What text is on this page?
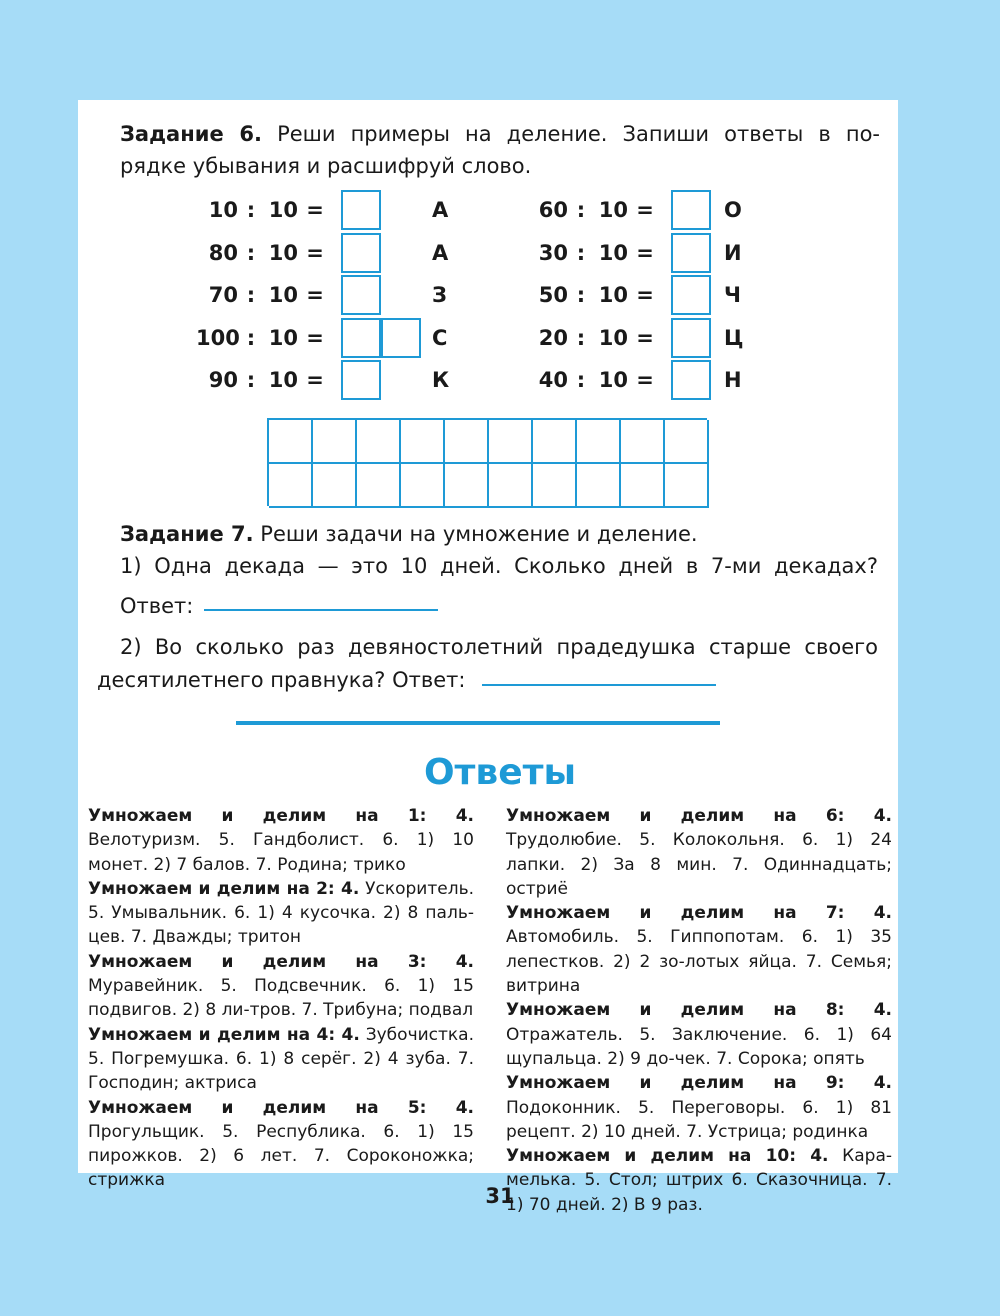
Задание 6. Реши примеры на деление. Запиши ответы в по-
рядке убывания и расшифруй слово.
10 : 10 =	А
80 : 10 =	А
70 : 10 =	З
100 : 10 =	С
90 : 10 =	К
60 : 10 =	О
30 : 10 =	И
50 : 10 =	Ч
20 : 10 =	Ц
40 : 10 =	Н
Задание 7. Реши задачи на умножение и деление.
1) Одна декада — это 10 дней. Сколько дней в 7-ми декадах?
Ответ:
2) Во сколько раз девяностолетний прадедушка старше своего
десятилетнего правнука? Ответ:
Ответы

Умножаем и делим на 1: 4. Велотуризм. 5. Гандболист. 6. 1) 10 монет. 2) 7 балов. 7. Родина; трико

Умножаем и делим на 2: 4. Ускоритель. 5. Умывальник. 6. 1) 4 кусочка. 2) 8 паль-цев. 7. Дважды; тритон

Умножаем и делим на 3: 4. Муравейник. 5. Подсвечник. 6. 1) 15 подвигов. 2) 8 ли-тров. 7. Трибуна; подвал

Умножаем и делим на 4: 4. Зубочистка. 5. Погремушка. 6. 1) 8 серёг. 2) 4 зуба. 7. Господин; актриса

Умножаем и делим на 5: 4. Прогульщик. 5. Республика. 6. 1) 15 пирожков. 2) 6 лет. 7. Сороконожка; стрижка

Умножаем и делим на 6: 4. Трудолюбие. 5. Колокольня. 6. 1) 24 лапки. 2) За 8 мин. 7. Одиннадцать; остриё

Умножаем и делим на 7: 4. Автомобиль. 5. Гиппопотам. 6. 1) 35 лепестков. 2) 2 зо-лотых яйца. 7. Семья; витрина

Умножаем и делим на 8: 4. Отражатель. 5. Заключение. 6. 1) 64 щупальца. 2) 9 до-чек. 7. Сорока; опять

Умножаем и делим на 9: 4. Подоконник. 5. Переговоры. 6. 1) 81 рецепт. 2) 10 дней. 7. Устрица; родинка

Умножаем и делим на 10: 4. Кара-мелька. 5. Стол; штрих 6. Сказочница. 7. 1) 70 дней. 2) В 9 раз.

31
